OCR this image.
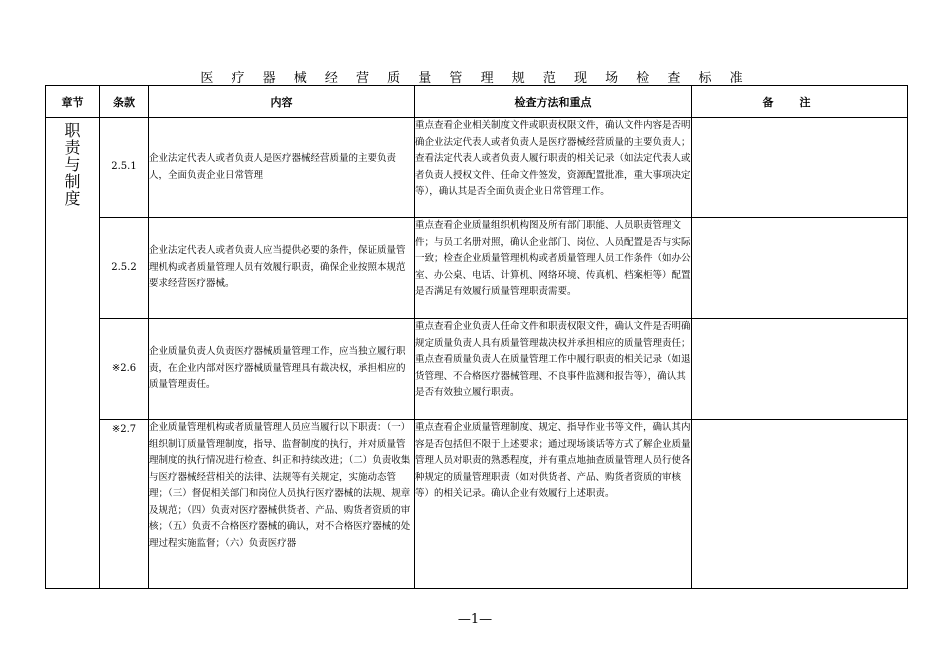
医 疗 器 械 经 营 质 量 管 理 规 范 现 场 检 查 标 准
章节	条款	内容	检查方法和重点	备注

职责与制度	2.5.1	企业法定代表人或者负责人是医疗器械经营质量的主要负责人，全面负责企业日常管理	重点查看企业相关制度文件或职责权限文件，确认文件内容是否明确企业法定代表人或者负责人是医疗器械经营质量的主要负责人；查看法定代表人或者负责人履行职责的相关记录（如法定代表人或者负责人授权文件、任命文件签发，资源配置批准，重大事项决定等），确认其是否全面负责企业日常管理工作。	
	2.5.2	企业法定代表人或者负责人应当提供必要的条件，保证质量管理机构或者质量管理人员有效履行职责，确保企业按照本规范要求经营医疗器械。	重点查看企业质量组织机构图及所有部门职能、人员职责管理文件；与员工名册对照，确认企业部门、岗位、人员配置是否与实际一致；检查企业质量管理机构或者质量管理人员工作条件（如办公室、办公桌、电话、计算机、网络环境、传真机、档案柜等）配置是否满足有效履行质量管理职责需要。	
	※2.6	企业质量负责人负责医疗器械质量管理工作，应当独立履行职责，在企业内部对医疗器械质量管理具有裁决权，承担相应的质量管理责任。	重点查看企业负责人任命文件和职责权限文件，确认文件是否明确规定质量负责人具有质量管理裁决权并承担相应的质量管理责任；重点查看质量负责人在质量管理工作中履行职责的相关记录（如退货管理、不合格医疗器械管理、不良事件监测和报告等），确认其是否有效独立履行职责。	

	※2.7	企业质量管理机构或者质量管理人员应当履行以下职责：（一）组织制订质量管理制度，指导、监督制度的执行，并对质量管理制度的执行情况进行检查、纠正和持续改进；（二）负责收集与医疗器械经营相关的法律、法规等有关规定，实施动态管理；（三）督促相关部门和岗位人员执行医疗器械的法规、规章及规范；（四）负责对医疗器械供货者、产品、购货者资质的审核；（五）负责不合格医疗器械的确认，对不合格医疗器械的处理过程实施监督；（六）负责医疗器	重点查看企业质量管理制度、规定、指导作业书等文件，确认其内容是否包括但不限于上述要求；通过现场谈话等方式了解企业质量管理人员对职责的熟悉程度，并有重点地抽查质量管理人员行使各种规定的质量管理职责（如对供货者、产品、购货者资质的审核等）的相关记录。确认企业有效履行上述职责。	
—1—
